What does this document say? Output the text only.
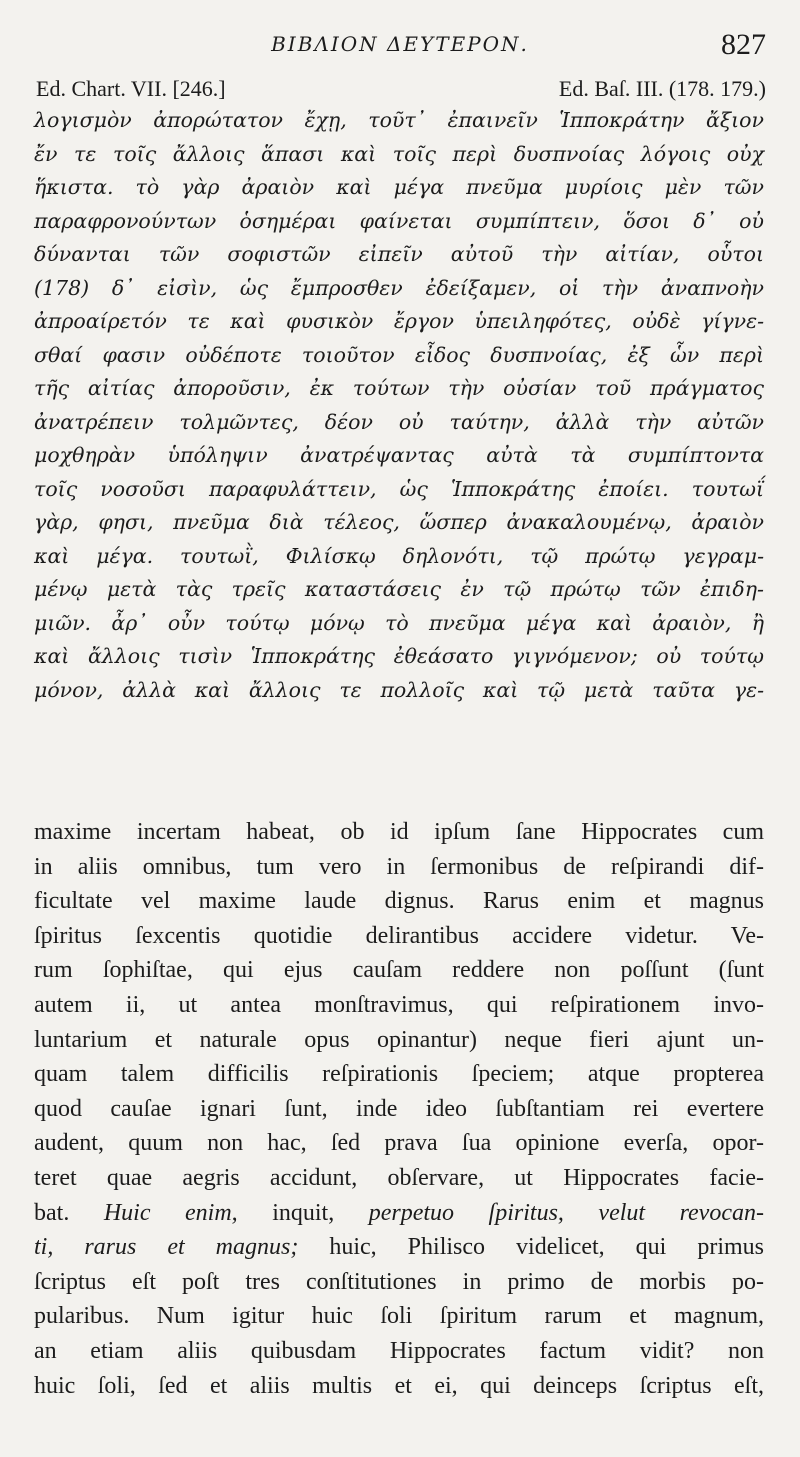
ΒΙΒΛΙΟΝ ΔΕΥΤΕΡΟΝ.	827
Ed. Chart. VII. [246.]	Ed. Baſ. III. (178. 179.)
λογισμὸν ἀπορώτατον ἔχῃ, τοῦτ᾽ ἐπαινεῖν Ἱπποκράτην ἄξιον
ἔν τε τοῖς ἄλλοις ἅπασι καὶ τοῖς περὶ δυσπνοίας λόγοις οὐχ
ἥκιστα. τὸ γὰρ ἀραιὸν καὶ μέγα πνεῦμα μυρίοις μὲν τῶν
παραφρονούντων ὁσημέραι φαίνεται συμπίπτειν, ὅσοι δ᾽ οὐ
δύνανται τῶν σοφιστῶν εἰπεῖν αὐτοῦ τὴν αἰτίαν, οὗτοι
(178) δ᾽ εἰσὶν, ὡς ἔμπροσθεν ἐδείξαμεν, οἱ τὴν ἀναπνοὴν
ἀπροαίρετόν τε καὶ φυσικὸν ἔργον ὑπειληφότες, οὐδὲ γίγνε-
σθαί φασιν οὐδέποτε τοιοῦτον εἶδος δυσπνοίας, ἐξ ὧν περὶ
τῆς αἰτίας ἀποροῦσιν, ἐκ τούτων τὴν οὐσίαν τοῦ πράγματος
ἀνατρέπειν τολμῶντες, δέον οὐ ταύτην, ἀλλὰ τὴν αὐτῶν
μοχθηρὰν ὑπόληψιν ἀνατρέψαντας αὐτὰ τὰ συμπίπτοντα
τοῖς νοσοῦσι παραφυλάττειν, ὡς Ἱπποκράτης ἐποίει. τουτωΐ
γὰρ, φησι, πνεῦμα διὰ τέλεος, ὥσπερ ἀνακαλουμένῳ, ἀραιὸν
καὶ μέγα. τουτωῒ, Φιλίσκῳ δηλονότι, τῷ πρώτῳ γεγραμ-
μένῳ μετὰ τὰς τρεῖς καταστάσεις ἐν τῷ πρώτῳ τῶν ἐπιδη-
μιῶν. ἆρ᾽ οὖν τούτῳ μόνῳ τὸ πνεῦμα μέγα καὶ ἀραιὸν, ἢ
καὶ ἄλλοις τισὶν Ἱπποκράτης ἐθεάσατο γιγνόμενον; οὐ τούτῳ
μόνον, ἀλλὰ καὶ ἄλλοις τε πολλοῖς καὶ τῷ μετὰ ταῦτα γε-
maxime incertam habeat, ob id ipſum ſane Hippocrates cum
in aliis omnibus, tum vero in ſermonibus de reſpirandi dif-
ficultate vel maxime laude dignus. Rarus enim et magnus
ſpiritus ſexcentis quotidie delirantibus accidere videtur. Ve-
rum ſophiſtae, qui ejus cauſam reddere non poſſunt (ſunt
autem ii, ut antea monſtravimus, qui reſpirationem invo-
luntarium et naturale opus opinantur) neque fieri ajunt un-
quam talem difficilis reſpirationis ſpeciem; atque propterea
quod cauſae ignari ſunt, inde ideo ſubſtantiam rei evertere
audent, quum non hac, ſed prava ſua opinione everſa, opor-
teret quae aegris accidunt, obſervare, ut Hippocrates facie-
bat. Huic enim, inquit, perpetuo ſpiritus, velut revocan-
ti, rarus et magnus; huic, Philisco videlicet, qui primus
ſcriptus eſt poſt tres conſtitutiones in primo de morbis po-
pularibus. Num igitur huic ſoli ſpiritum rarum et magnum,
an etiam aliis quibusdam Hippocrates factum vidit? non
huic ſoli, ſed et aliis multis et ei, qui deinceps ſcriptus eſt,
